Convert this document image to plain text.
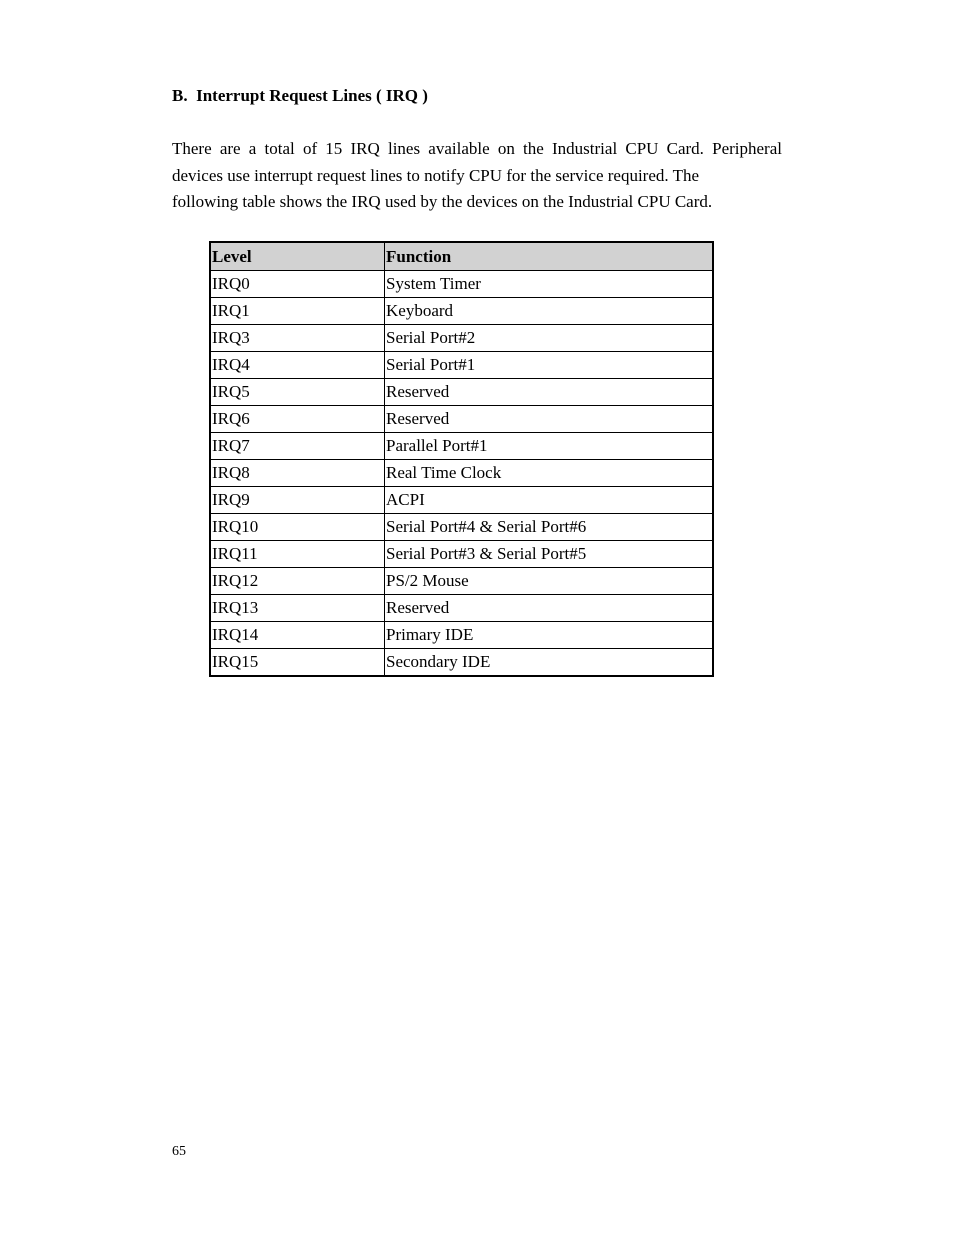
B.  Interrupt Request Lines ( IRQ )

There are a total of 15 IRQ lines available on the Industrial CPU Card. Peripheral

devices use interrupt request lines to notify CPU for the service required. The

following table shows the IRQ used by the devices on the Industrial CPU Card.

Level	Function
IRQ0	System Timer
IRQ1	Keyboard
IRQ3	Serial Port#2
IRQ4	Serial Port#1
IRQ5	Reserved
IRQ6	Reserved
IRQ7	Parallel Port#1
IRQ8	Real Time Clock
IRQ9	ACPI
IRQ10	Serial Port#4 & Serial Port#6
IRQ11	Serial Port#3 & Serial Port#5
IRQ12	PS/2 Mouse
IRQ13	Reserved
IRQ14	Primary IDE
IRQ15	Secondary IDE
65
